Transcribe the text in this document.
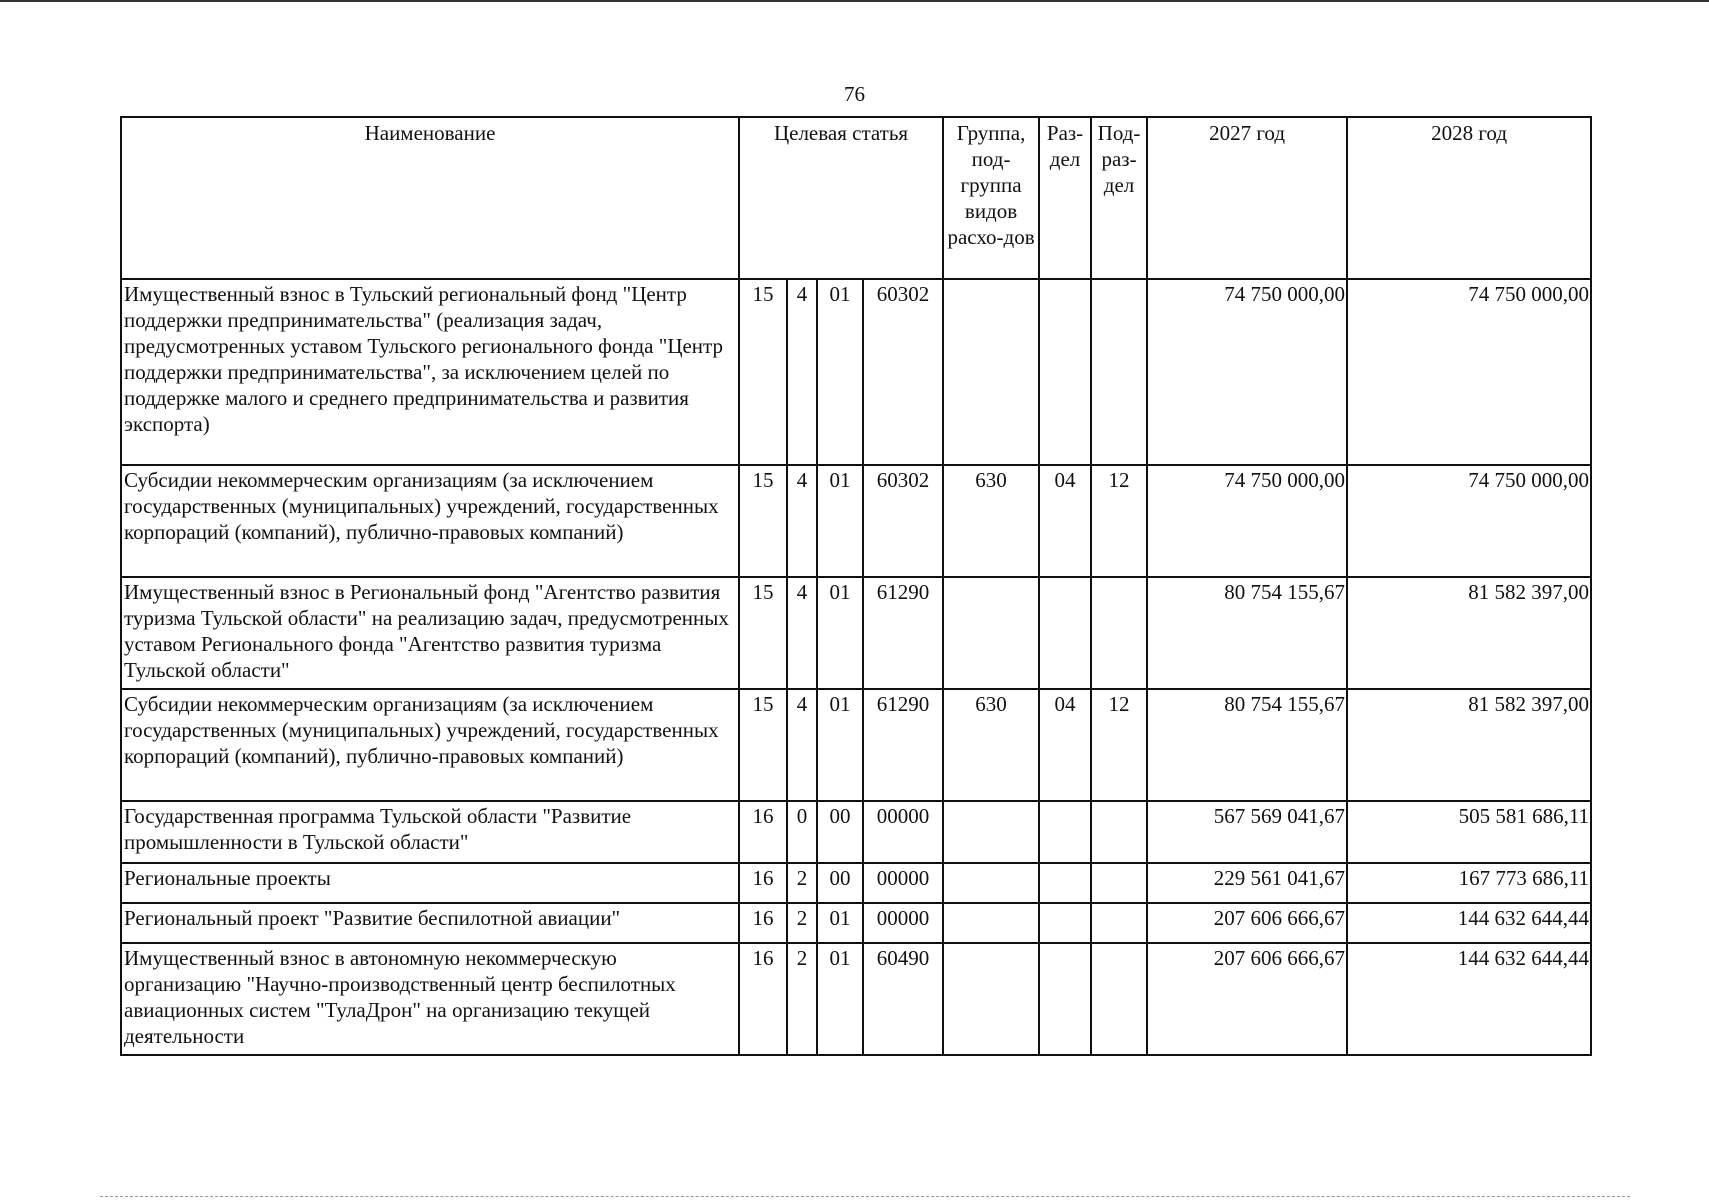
76
Наименование	Целевая статья				Группа, под-группа видов расхо-дов	Раз-дел	Под-раз-дел	2027 год	2028 год
Имущественный взнос в Тульский региональный фонд "Центр поддержки предпринимательства" (реализация задач, предусмотренных уставом Тульского регионального фонда "Центр поддержки предпринимательства", за исключением целей по поддержке малого и среднего предпринимательства и развития экспорта)	15	4	01	60302				74 750 000,00	74 750 000,00
Субсидии некоммерческим организациям (за исключением государственных (муниципальных) учреждений, государственных корпораций (компаний), публично-правовых компаний)	15	4	01	60302	630	04	12	74 750 000,00	74 750 000,00
Имущественный взнос в Региональный фонд "Агентство развития туризма Тульской области" на реализацию задач, предусмотренных уставом Регионального фонда "Агентство развития туризма Тульской области"	15	4	01	61290				80 754 155,67	81 582 397,00
Субсидии некоммерческим организациям (за исключением государственных (муниципальных) учреждений, государственных корпораций (компаний), публично-правовых компаний)	15	4	01	61290	630	04	12	80 754 155,67	81 582 397,00
Государственная программа Тульской области "Развитие промышленности в Тульской области"	16	0	00	00000				567 569 041,67	505 581 686,11
Региональные проекты	16	2	00	00000				229 561 041,67	167 773 686,11
Региональный проект "Развитие беспилотной авиации"	16	2	01	00000				207 606 666,67	144 632 644,44
Имущественный взнос в автономную некоммерческую организацию "Научно-производственный центр беспилотных авиационных систем "ТулаДрон" на организацию текущей деятельности	16	2	01	60490				207 606 666,67	144 632 644,44
